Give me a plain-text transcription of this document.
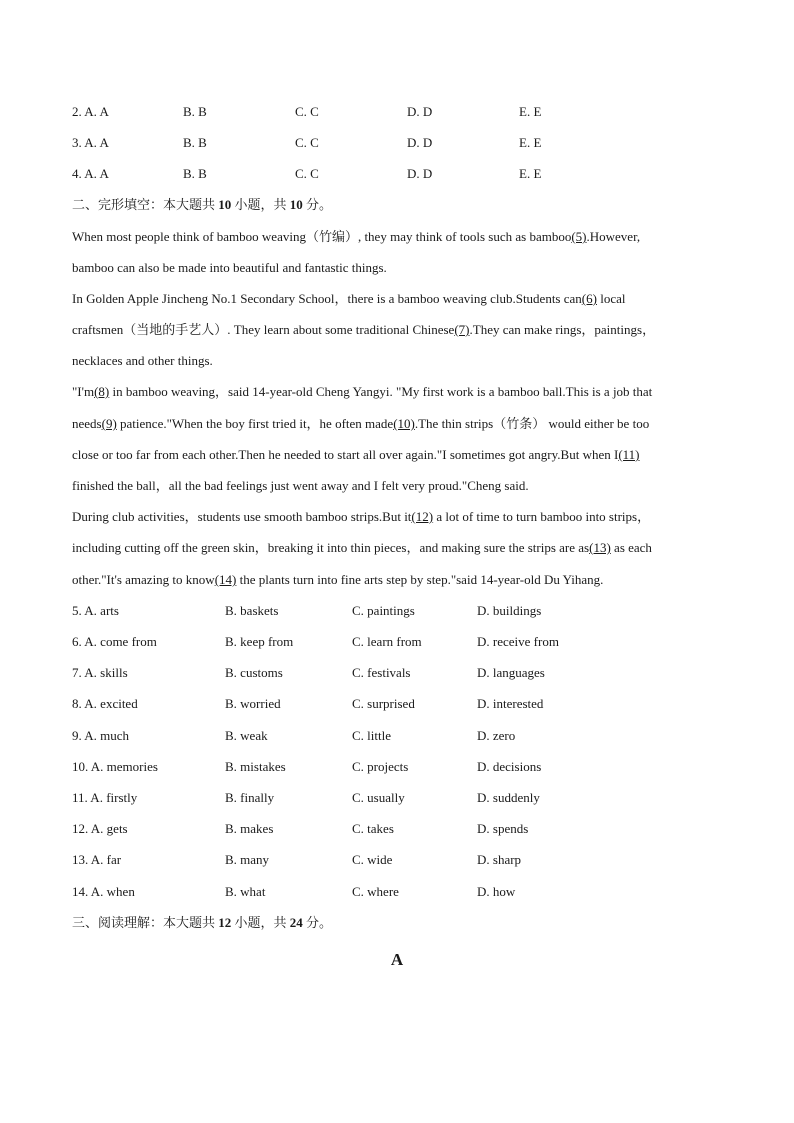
2. A. A	B. B	C. C	D. D	E. E
3. A. A	B. B	C. C	D. D	E. E
4. A. A	B. B	C. C	D. D	E. E
二、完形填空：本大题共 10 小题，共 10 分。
When most people think of bamboo weaving（竹编）, they may think of tools such as bamboo(5).However,
bamboo can also be made into beautiful and fantastic things.
In Golden Apple Jincheng No.1 Secondary School，there is a bamboo weaving club.Students can(6) local
craftsmen（当地的手艺人）. They learn about some traditional Chinese(7).They can make rings，paintings，
necklaces and other things.
"I'm(8) in bamboo weaving，said 14-year-old Cheng Yangyi. "My first work is a bamboo ball.This is a job that
needs(9) patience."When the boy first tried it，he often made(10).The thin strips（竹条） would either be too
close or too far from each other.Then he needed to start all over again."I sometimes got angry.But when I(11)
finished the ball，all the bad feelings just went away and I felt very proud."Cheng said.
During club activities，students use smooth bamboo strips.But it(12) a lot of time to turn bamboo into strips，
including cutting off the green skin，breaking it into thin pieces，and making sure the strips are as(13) as each
other."It's amazing to know(14) the plants turn into fine arts step by step."said 14-year-old Du Yihang.
5. A. arts	B. baskets	C. paintings	D. buildings
6. A. come from	B. keep from	C. learn from	D. receive from
7. A. skills	B. customs	C. festivals	D. languages
8. A. excited	B. worried	C. surprised	D. interested
9. A. much	B. weak	C. little	D. zero
10. A. memories	B. mistakes	C. projects	D. decisions
11. A. firstly	B. finally	C. usually	D. suddenly
12. A. gets	B. makes	C. takes	D. spends
13. A. far	B. many	C. wide	D. sharp
14. A. when	B. what	C. where	D. how
三、阅读理解：本大题共 12 小题，共 24 分。
A
